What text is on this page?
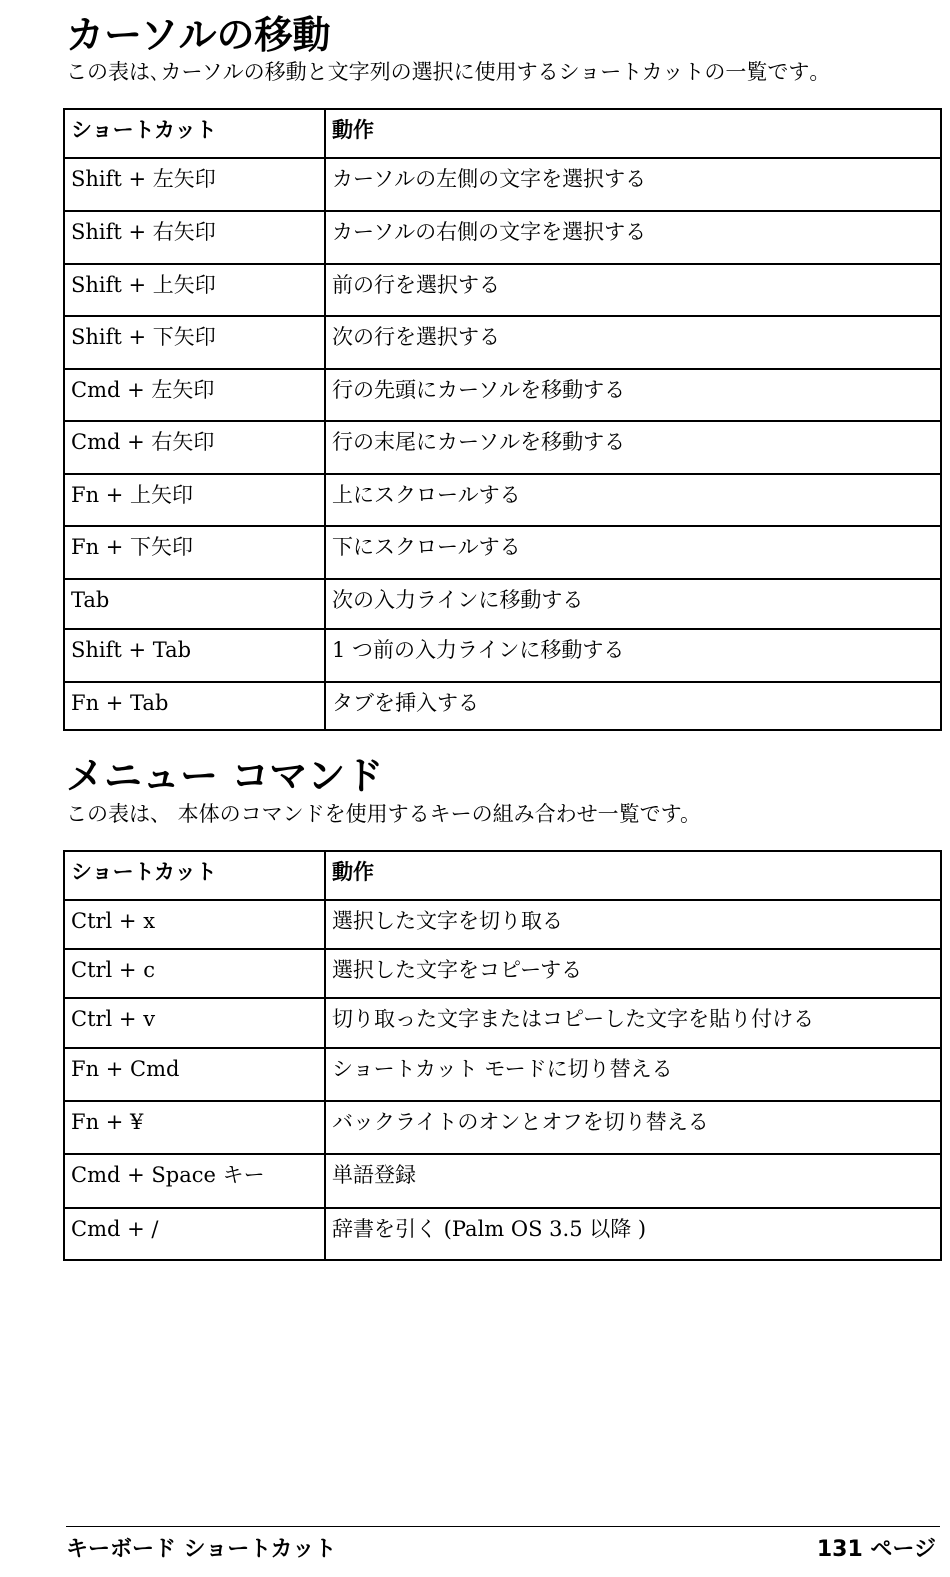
カーソルの移動

この表は､カーソルの移動と文字列の選択に使用するショートカットの一覧です｡

ショートカット	動作
Shift + 左矢印	カーソルの左側の文字を選択する
Shift + 右矢印	カーソルの右側の文字を選択する
Shift + 上矢印	前の行を選択する
Shift + 下矢印	次の行を選択する
Cmd + 左矢印	行の先頭にカーソルを移動する
Cmd + 右矢印	行の末尾にカーソルを移動する
Fn + 上矢印	上にスクロールする
Fn + 下矢印	下にスクロールする
Tab	次の入力ラインに移動する
Shift + Tab	1 つ前の入力ラインに移動する
Fn + Tab	タブを挿入する
メニュー コマンド

この表は、 本体のコマンドを使用するキーの組み合わせ一覧です。

ショートカット	動作
Ctrl + x	選択した文字を切り取る
Ctrl + c	選択した文字をコピーする
Ctrl + v	切り取った文字またはコピーした文字を貼り付ける
Fn + Cmd	ショートカット モードに切り替える
Fn + ¥	バックライトのオンとオフを切り替える
Cmd + Space キー	単語登録
Cmd + /	辞書を引く (Palm OS 3.5 以降 )
キーボード ショートカット	131 ページ
